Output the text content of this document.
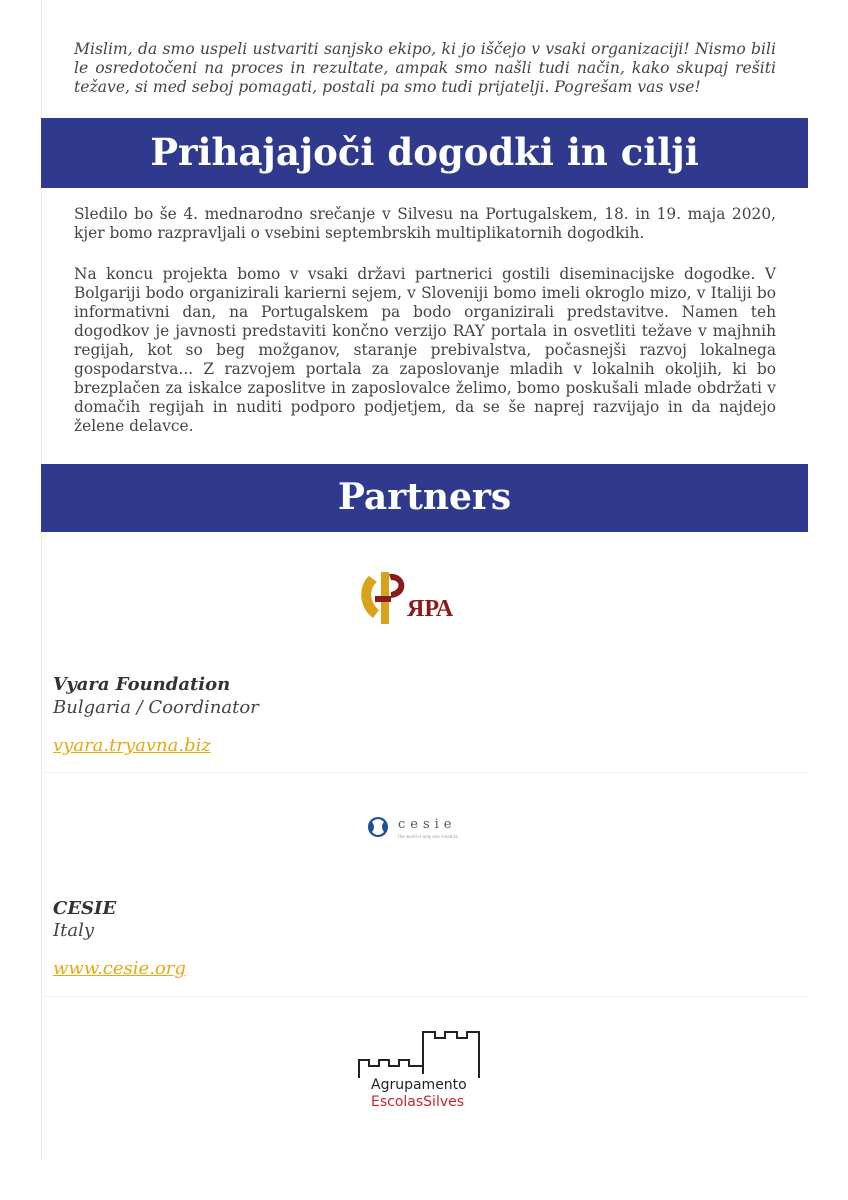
Mislim, da smo uspeli ustvariti sanjsko ekipo, ki jo iščejo v vsaki organizaciji! Nismo bili le osredotočeni na proces in rezultate, ampak smo našli tudi način, kako skupaj rešiti težave, si med seboj pomagati, postali pa smo tudi prijatelji. Pogrešam vas vse!

Prihajajoči dogodki in cilji

Sledilo bo še 4. mednarodno srečanje v Silvesu na Portugalskem, 18. in 19. maja 2020, kjer bomo razpravljali o vsebini septembrskih multiplikatornih dogodkih.

Na koncu projekta bomo v vsaki državi partnerici gostili diseminacijske dogodke. V Bolgariji bodo organizirali karierni sejem, v Sloveniji bomo imeli okroglo mizo, v Italiji bo informativni dan, na Portugalskem pa bodo organizirali predstavitve. Namen teh dogodkov je javnosti predstaviti končno verzijo RAY portala in osvetliti težave v majhnih regijah, kot so beg možganov, staranje prebivalstva, počasnejši razvoj lokalnega gospodarstva... Z razvojem portala za zaposlovanje mladih v lokalnih okoljih, ki bo brezplačen za iskalce zaposlitve in zaposlovalce želimo, bomo poskušali mlade obdržati v domačih regijah in nuditi podporo podjetjem, da se še naprej razvijajo in da najdejo želene delavce.

Partners
ЯРА
Vyara Foundation
Bulgaria / Coordinator
vyara.tryavna.biz
cesie
the world is only one creature
CESIE
Italy
www.cesie.org
Agrupamento
EscolasSilves
